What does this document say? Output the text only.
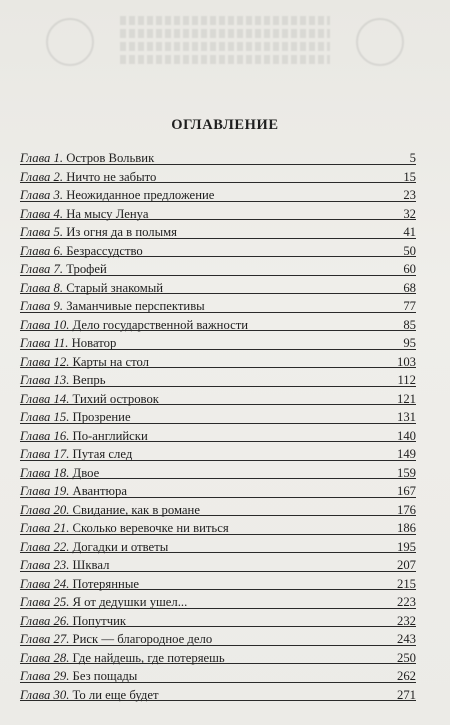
ОГЛАВЛЕНИЕ
Глава 1. Остров Вольвик	5
Глава 2. Ничто не забыто	15
Глава 3. Неожиданное предложение	23
Глава 4. На мысу Ленуа	32
Глава 5. Из огня да в полымя	41
Глава 6. Безрассудство	50
Глава 7. Трофей	60
Глава 8. Старый знакомый	68
Глава 9. Заманчивые перспективы	77
Глава 10. Дело государственной важности	85
Глава 11. Новатор	95
Глава 12. Карты на стол	103
Глава 13. Вепрь	112
Глава 14. Тихий островок	121
Глава 15. Прозрение	131
Глава 16. По-английски	140
Глава 17. Путая след	149
Глава 18. Двое	159
Глава 19. Авантюра	167
Глава 20. Свидание, как в романе	176
Глава 21. Сколько веревочке ни виться	186
Глава 22. Догадки и ответы	195
Глава 23. Шквал	207
Глава 24. Потерянные	215
Глава 25. Я от дедушки ушел...	223
Глава 26. Попутчик	232
Глава 27. Риск — благородное дело	243
Глава 28. Где найдешь, где потеряешь	250
Глава 29. Без пощады	262
Глава 30. То ли еще будет	271
